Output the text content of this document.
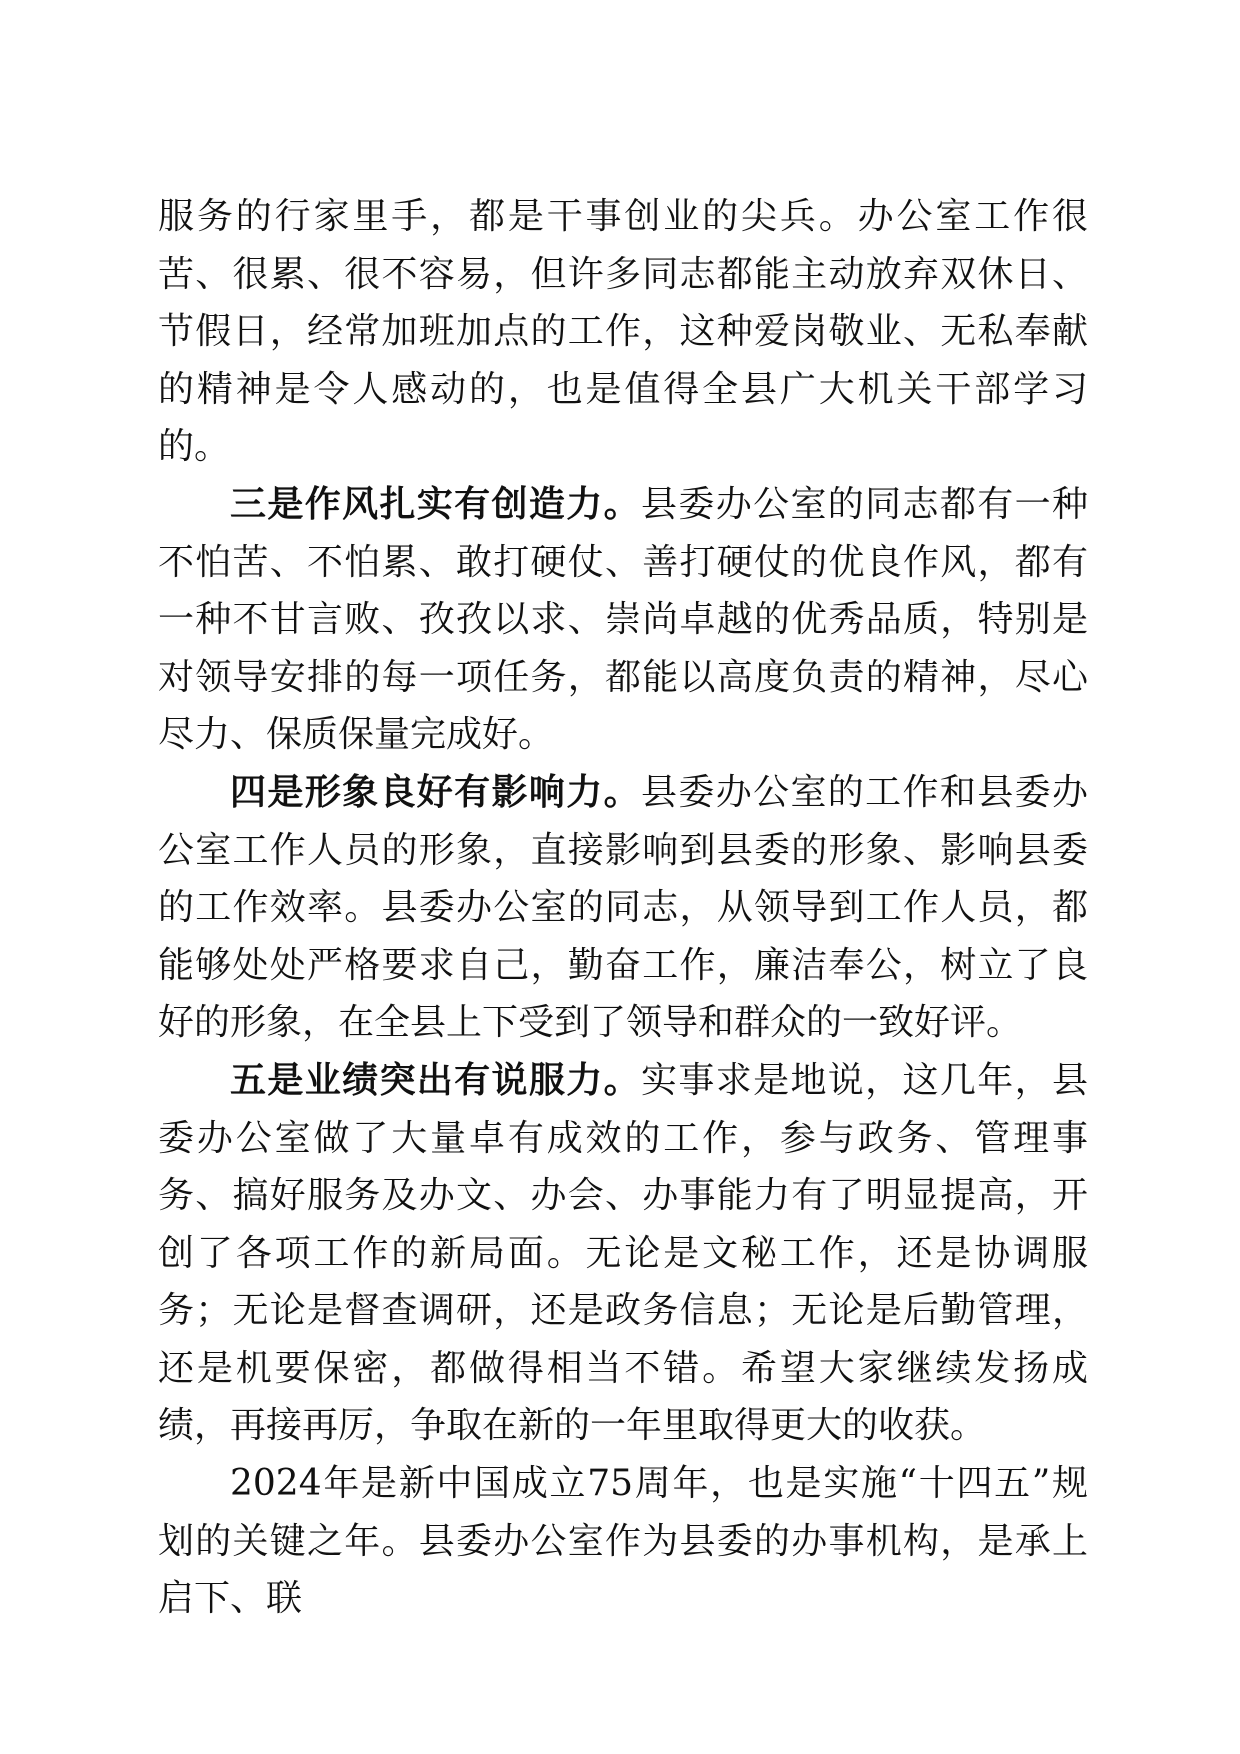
服务的行家里手，都是干事创业的尖兵。办公室工作很苦、很累、很不容易，但许多同志都能主动放弃双休日、节假日，经常加班加点的工作，这种爱岗敬业、无私奉献的精神是令人感动的，也是值得全县广大机关干部学习的。

三是作风扎实有创造力。县委办公室的同志都有一种不怕苦、不怕累、敢打硬仗、善打硬仗的优良作风，都有一种不甘言败、孜孜以求、崇尚卓越的优秀品质，特别是对领导安排的每一项任务，都能以高度负责的精神，尽心尽力、保质保量完成好。

四是形象良好有影响力。县委办公室的工作和县委办公室工作人员的形象，直接影响到县委的形象、影响县委的工作效率。县委办公室的同志，从领导到工作人员，都能够处处严格要求自己，勤奋工作，廉洁奉公，树立了良好的形象，在全县上下受到了领导和群众的一致好评。

五是业绩突出有说服力。实事求是地说，这几年，县委办公室做了大量卓有成效的工作，参与政务、管理事务、搞好服务及办文、办会、办事能力有了明显提高，开创了各项工作的新局面。无论是文秘工作，还是协调服务；无论是督查调研，还是政务信息；无论是后勤管理，还是机要保密，都做得相当不错。希望大家继续发扬成绩，再接再厉，争取在新的一年里取得更大的收获。

2024年是新中国成立75周年，也是实施“十四五”规划的关键之年。县委办公室作为县委的办事机构，是承上启下、联
